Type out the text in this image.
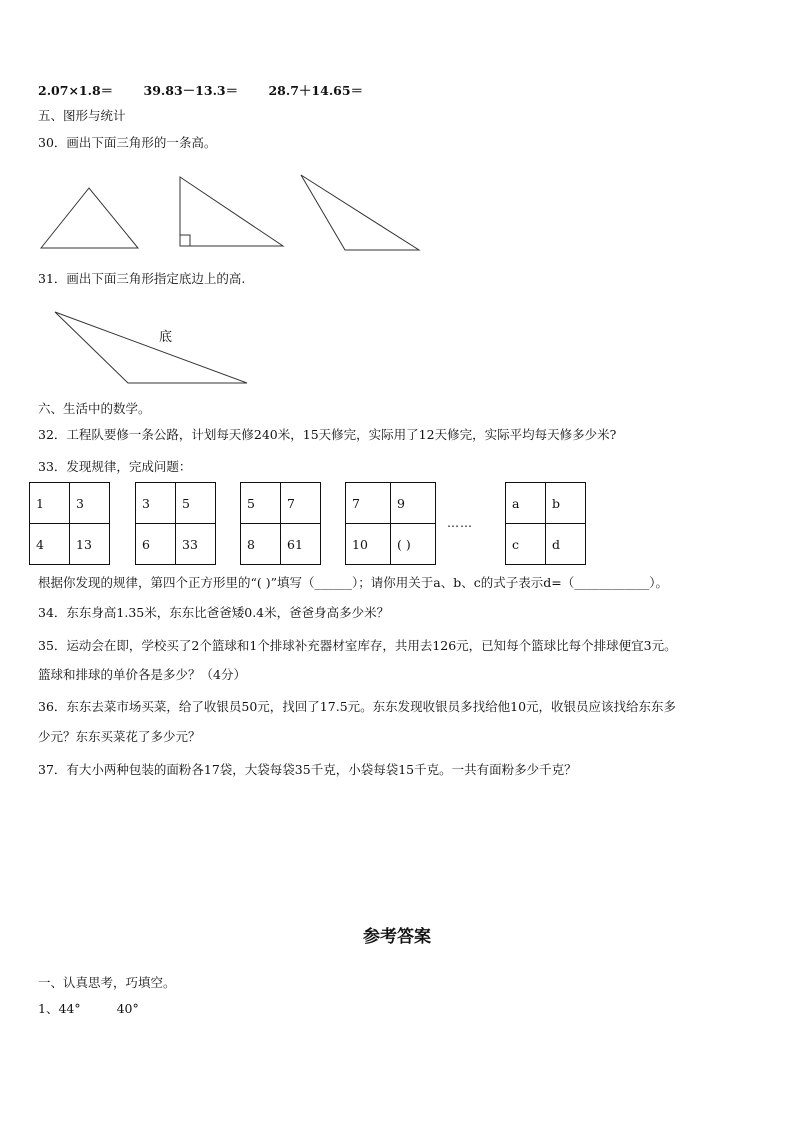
2.07×1.8＝ 39.83－13.3＝ 28.7＋14.65＝
五、图形与统计
30．画出下面三角形的一条高。
31．画出下面三角形指定底边上的高.
底
六、生活中的数学。
32．工程队要修一条公路，计划每天修240米，15天修完，实际用了12天修完，实际平均每天修多少米?
33．发现规律，完成问题：
1	3
4	13
3	5
6	33
5	7
8	61
7	9
10	( )
……
a	b
c	d
根据你发现的规律，第四个正方形里的“( )”填写（______）；请你用关于a、b、c的式子表示d=（____________）。
34．东东身高1.35米，东东比爸爸矮0.4米，爸爸身高多少米？
35．运动会在即，学校买了2个篮球和1个排球补充器材室库存，共用去126元，已知每个篮球比每个排球便宜3元。
篮球和排球的单价各是多少？（4分）
36．东东去菜市场买菜，给了收银员50元，找回了17.5元。东东发现收银员多找给他10元，收银员应该找给东东多
少元？东东买菜花了多少元？
37．有大小两种包装的面粉各17袋，大袋每袋35千克，小袋每袋15千克。一共有面粉多少千克？
参考答案
一、认真思考，巧填空。
1、44°	40°
